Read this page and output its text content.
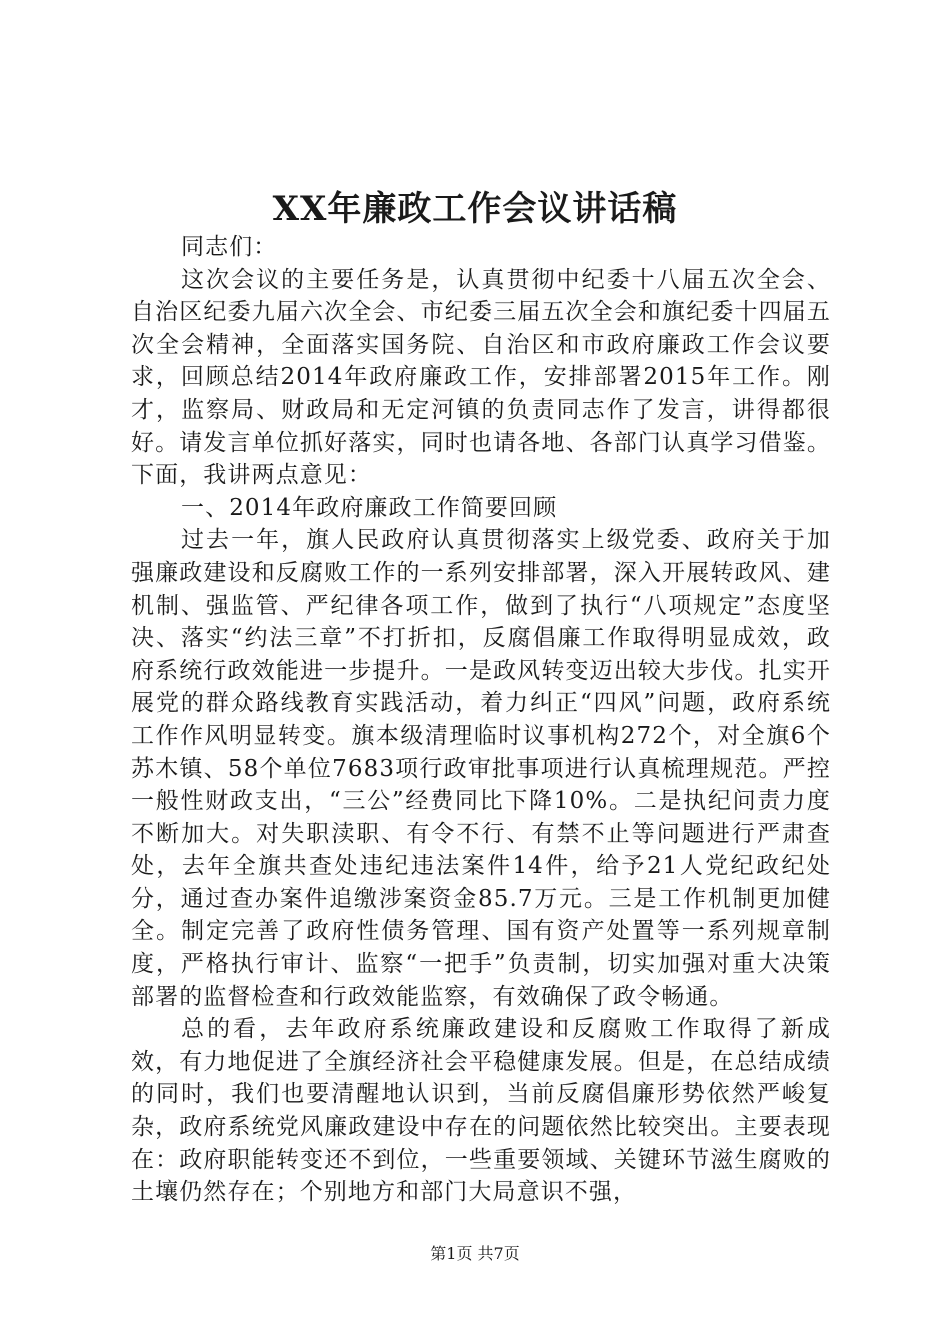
XX年廉政工作会议讲话稿

同志们：

这次会议的主要任务是，认真贯彻中纪委十八届五次全会、自治区纪委九届六次全会、市纪委三届五次全会和旗纪委十四届五次全会精神，全面落实国务院、自治区和市政府廉政工作会议要求，回顾总结2014年政府廉政工作，安排部署2015年工作。刚才，监察局、财政局和无定河镇的负责同志作了发言，讲得都很好。请发言单位抓好落实，同时也请各地、各部门认真学习借鉴。下面，我讲两点意见：

一、2014年政府廉政工作简要回顾

过去一年，旗人民政府认真贯彻落实上级党委、政府关于加强廉政建设和反腐败工作的一系列安排部署，深入开展转政风、建机制、强监管、严纪律各项工作，做到了执行“八项规定”态度坚决、落实“约法三章”不打折扣，反腐倡廉工作取得明显成效，政府系统行政效能进一步提升。一是政风转变迈出较大步伐。扎实开展党的群众路线教育实践活动，着力纠正“四风”问题，政府系统工作作风明显转变。旗本级清理临时议事机构272个，对全旗6个苏木镇、58个单位7683项行政审批事项进行认真梳理规范。严控一般性财政支出，“三公”经费同比下降10%。二是执纪问责力度不断加大。对失职渎职、有令不行、有禁不止等问题进行严肃查处，去年全旗共查处违纪违法案件14件，给予21人党纪政纪处分，通过查办案件追缴涉案资金85.7万元。三是工作机制更加健全。制定完善了政府性债务管理、国有资产处置等一系列规章制度，严格执行审计、监察“一把手”负责制，切实加强对重大决策部署的监督检查和行政效能监察，有效确保了政令畅通。

总的看，去年政府系统廉政建设和反腐败工作取得了新成效，有力地促进了全旗经济社会平稳健康发展。但是，在总结成绩的同时，我们也要清醒地认识到，当前反腐倡廉形势依然严峻复杂，政府系统党风廉政建设中存在的问题依然比较突出。主要表现在：政府职能转变还不到位，一些重要领域、关键环节滋生腐败的土壤仍然存在；个别地方和部门大局意识不强，

第1页 共7页
